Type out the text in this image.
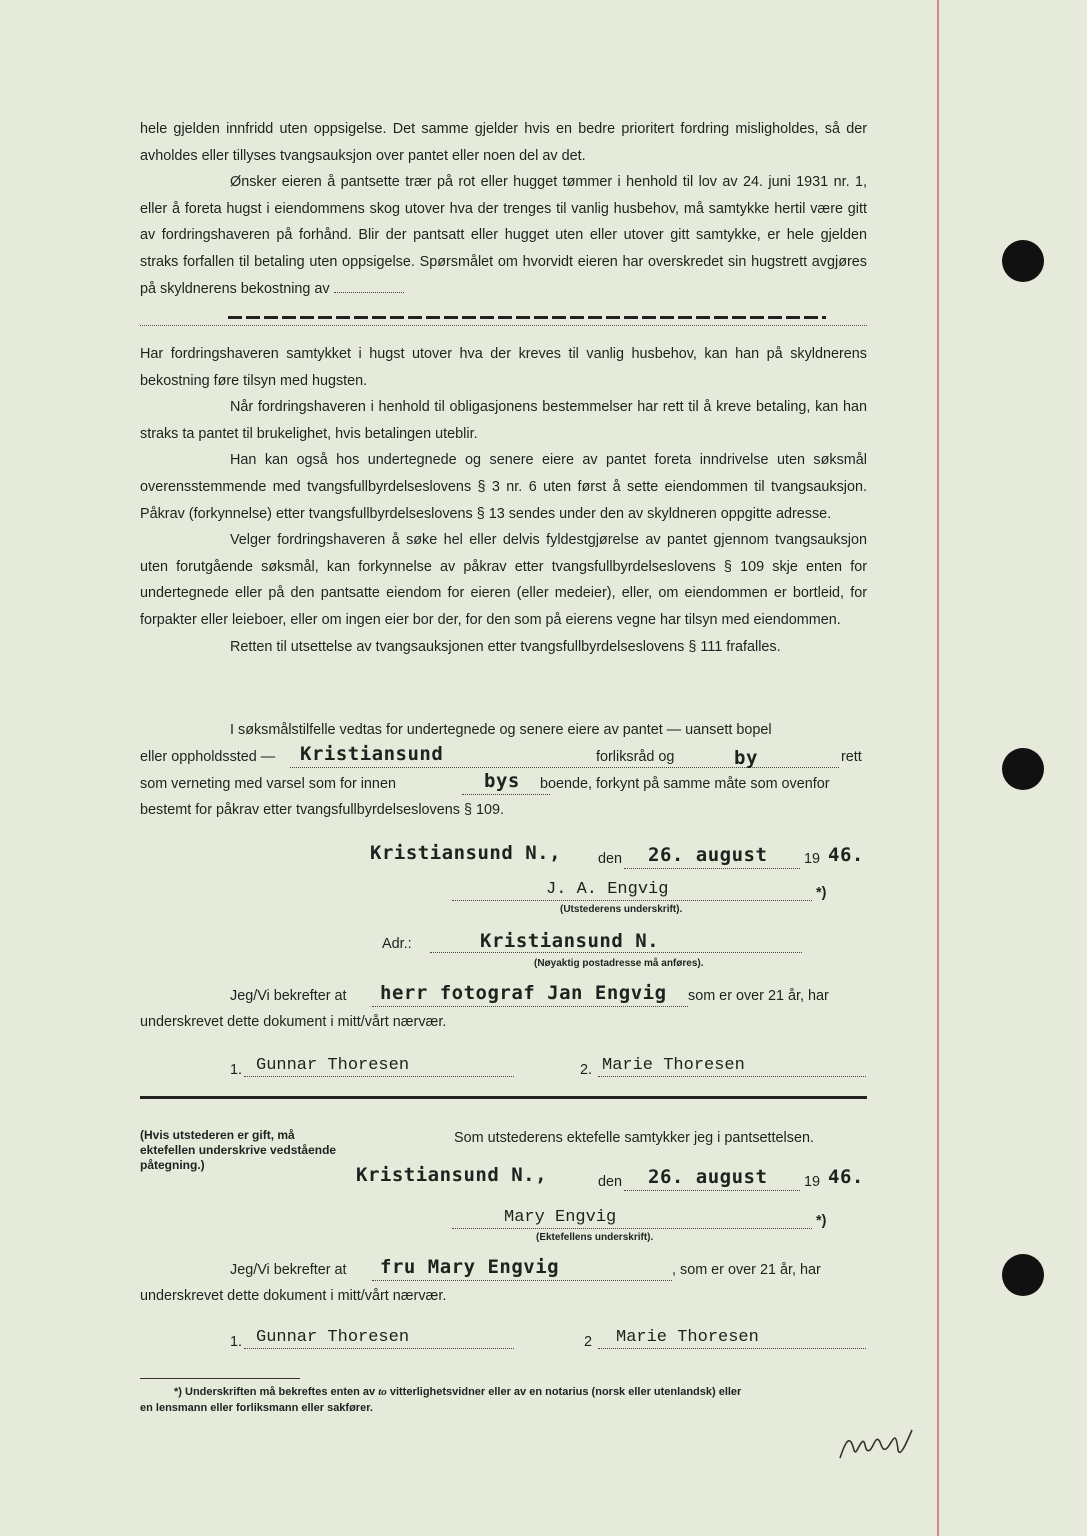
hele gjelden innfridd uten oppsigelse. Det samme gjelder hvis en bedre prioritert fordring misligholdes, så der avholdes eller tillyses tvangsauksjon over pantet eller noen del av det.

Ønsker eieren å pantsette trær på rot eller hugget tømmer i henhold til lov av 24. juni 1931 nr. 1, eller å foreta hugst i eiendommens skog utover hva der trenges til vanlig husbehov, må samtykke hertil være gitt av fordringshaveren på forhånd. Blir der pantsatt eller hugget uten eller utover gitt samtykke, er hele gjelden straks forfallen til betaling uten oppsigelse. Spørsmålet om hvorvidt eieren har overskredet sin hugstrett avgjøres på skyldnerens bekostning av

Har fordringshaveren samtykket i hugst utover hva der kreves til vanlig husbehov, kan han på skyldnerens bekostning føre tilsyn med hugsten.

Når fordringshaveren i henhold til obligasjonens bestemmelser har rett til å kreve betaling, kan han straks ta pantet til brukelighet, hvis betalingen uteblir.

Han kan også hos undertegnede og senere eiere av pantet foreta inndrivelse uten søksmål overensstemmende med tvangsfullbyrdelseslovens § 3 nr. 6 uten først å sette eiendommen til tvangsauksjon. Påkrav (forkynnelse) etter tvangsfullbyrdelseslovens § 13 sendes under den av skyldneren oppgitte adresse.

Velger fordringshaveren å søke hel eller delvis fyldestgjørelse av pantet gjennom tvangsauksjon uten forutgående søksmål, kan forkynnelse av påkrav etter tvangsfullbyrdelseslovens § 109 skje enten for undertegnede eller på den pantsatte eiendom for eieren (eller medeier), eller, om eiendommen er bortleid, for forpakter eller leieboer, eller om ingen eier bor der, for den som på eierens vegne har tilsyn med eiendommen.

Retten til utsettelse av tvangsauksjonen etter tvangsfullbyrdelseslovens § 111 frafalles.

I søksmålstilfelle vedtas for undertegnede og senere eiere av pantet — uansett bopel
eller oppholdssted — Kristiansund	forliksråd og	by	rett
som verneting med varsel som for innen	bys boende, forkynt på samme måte som ovenfor
bestemt for påkrav etter tvangsfullbyrdelseslovens § 109.
Kristiansund N.,	den 26. august	19 46.
J. A. Engvig	*)
(Utstederens underskrift).
Adr.:	Kristiansund N.
(Nøyaktig postadresse må anføres).
Jeg/Vi bekrefter at herr fotograf Jan Engvig som er over 21 år, har
underskrevet dette dokument i mitt/vårt nærvær.
1. Gunnar Thoresen	2. Marie Thoresen
(Hvis utstederen er gift, må ektefellen underskrive vedstående påtegning.)
Som utstederens ektefelle samtykker jeg i pantsettelsen.
Kristiansund N.,	den 26. august	19 46.
Mary Engvig	*)
(Ektefellens underskrift).
Jeg/Vi bekrefter at fru Mary Engvig	, som er over 21 år, har
underskrevet dette dokument i mitt/vårt nærvær.
1. Gunnar Thoresen	2 Marie Thoresen
*) Underskriften må bekreftes enten av to vitterlighetsvidner eller av en notarius (norsk eller utenlandsk) eller
en lensmann eller forliksmann eller sakfører.
